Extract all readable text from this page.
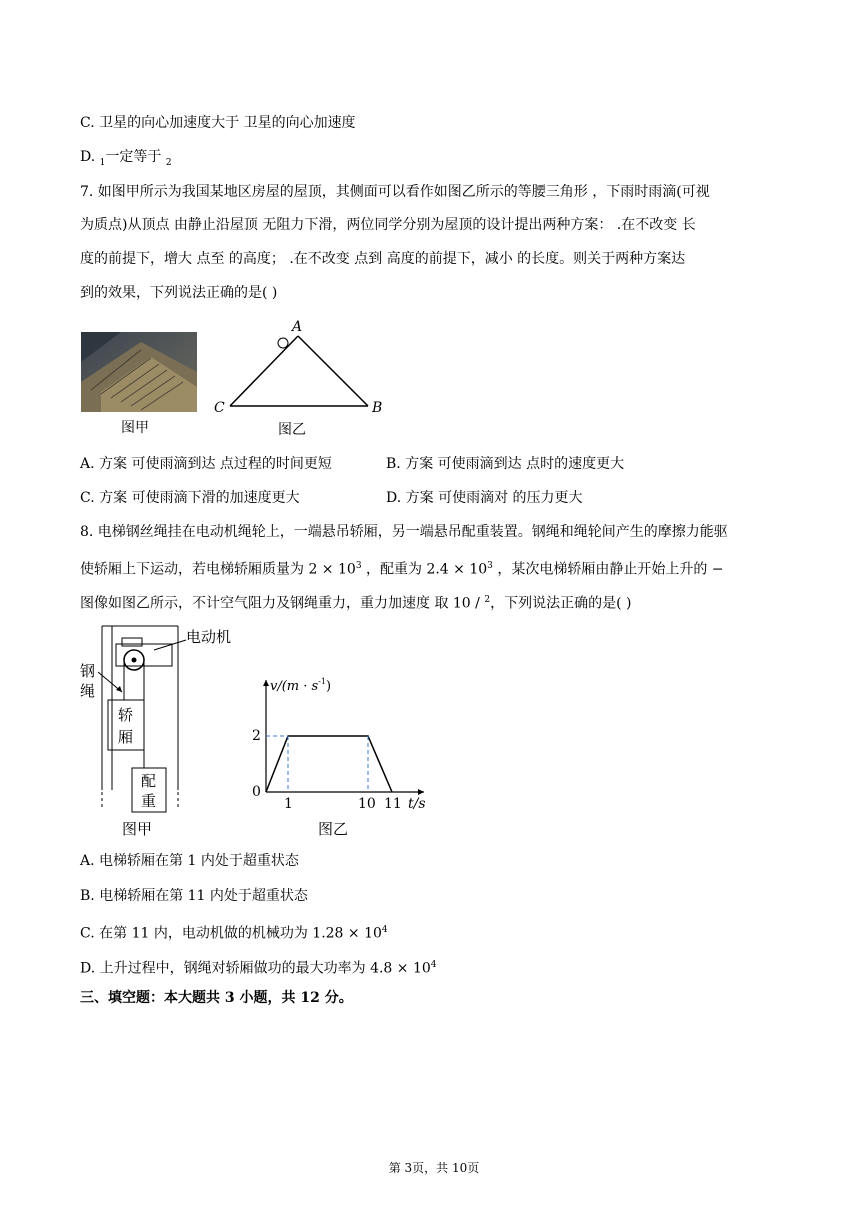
C. 卫星的向心加速度大于 卫星的向心加速度
D. $_1$一定等于 $_2$
7. 如图甲所示为我国某地区房屋的屋顶，其侧面可以看作如图乙所示的等腰三角形 ，下雨时雨滴(可视
为质点)从顶点 由静止沿屋顶 无阻力下滑，两位同学分别为屋顶的设计提出两种方案： .在不改变 长
度的前提下，增大 点至 的高度； .在不改变 点到 高度的前提下，减小 的长度。则关于两种方案达
到的效果，下列说法正确的是( )
图甲
A
B
C
图乙
A. 方案 可使雨滴到达 点过程的时间更短	B. 方案 可使雨滴到达 点时的速度更大
C. 方案 可使雨滴下滑的加速度更大	D. 方案 可使雨滴对 的压力更大
8. 电梯钢丝绳挂在电动机绳轮上，一端悬吊轿厢，另一端悬吊配重装置。钢绳和绳轮间产生的摩擦力能驱
使轿厢上下运动，若电梯轿厢质量为 $2 \times 10^3$ ，配重为 $2.4 \times 10^3$ ，某次电梯轿厢由静止开始上升的 −
图像如图乙所示，不计空气阻力及钢绳重力，重力加速度 取 10 / $^2$，下列说法正确的是( )
电动机
钢
绳
轿
厢
配
重
图甲
$v/(m \cdot s^{-1})$
2
0
1	10 11 t/s
图乙
A. 电梯轿厢在第 1 内处于超重状态
B. 电梯轿厢在第 11 内处于超重状态
C. 在第 11 内，电动机做的机械功为 $1.28 \times 10^4$
D. 上升过程中，钢绳对轿厢做功的最大功率为 $4.8 \times 10^4$
三、填空题：本大题共 3 小题，共 12 分。
第 3页，共 10页
